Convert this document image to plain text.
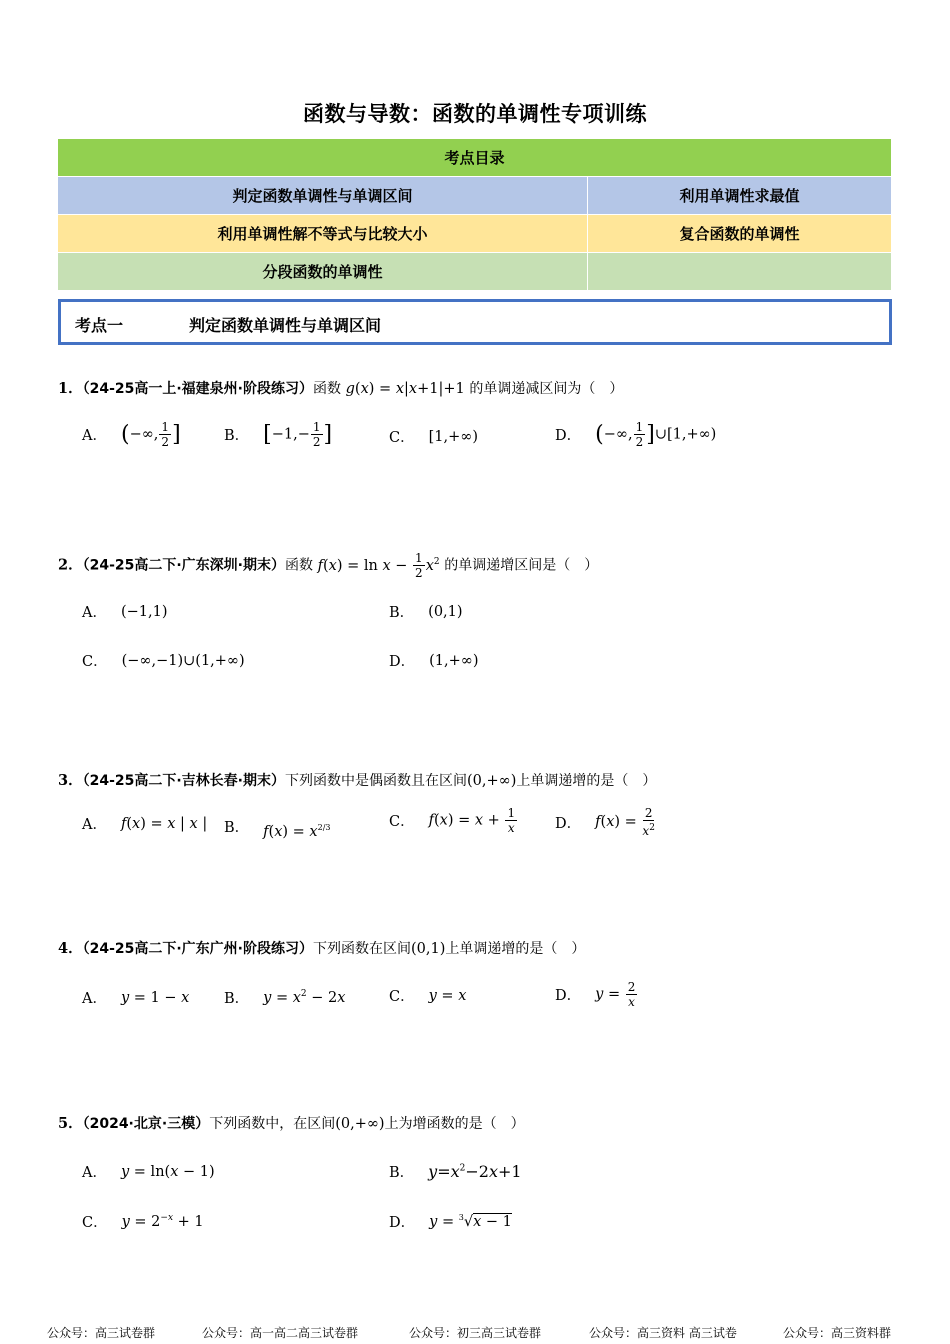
函数与导数：函数的单调性专项训练
考点目录	
判定函数单调性与单调区间	利用单调性求最值
利用单调性解不等式与比较大小	复合函数的单调性
分段函数的单调性	
考点一	判定函数单调性与单调区间
1．（24-25高一上·福建泉州·阶段练习）函数 g(x) = x|x+1|+1 的单调递减区间为（　）
A． (−∞, $\frac{1}{2}$ ]	B． [$-1,- \frac{1}{2}$ ]	C． [1,+∞)	D． (−∞, $\frac{1}{2}$ ]∪[1,+∞)
2．（24-25高二下·广东深圳·期末）函数 $f(x) = \ln x - \frac{1}{2} x^2$ 的单调递增区间是（　）
A． (−1,1)	B． (0,1)
C． (−∞,−1)∪(1,+∞)	D． (1,+∞)
3．（24-25高二下·吉林长春·期末）下列函数中是偶函数且在区间(0,+∞)上单调递增的是（　）
A． f(x) = x | x | B． $f(x) = x^{2/3}$	C． $f(x) = x + \frac{1}{x}$	D． $f(x) = \frac{2}{x^2}$
4．（24-25高二下·广东广州·阶段练习）下列函数在区间(0,1)上单调递增的是（　）
A． y = 1 − x B． $y = x^2 - 2x$	C． y = x	D． $y = \frac{2}{x}$
5．（2024·北京·三模）下列函数中，在区间(0,+∞)上为增函数的是（　）
A． y = ln(x − 1)	B． $y=x^2-2x+1$
C． $y = 2^{-x} + 1$	D． y = $^3$√x − 1
公众号：高三试卷群	公众号：高一高二高三试卷群	公众号：初三高三试卷群	公众号：高三资料 高三试卷	公众号：高三资料群
